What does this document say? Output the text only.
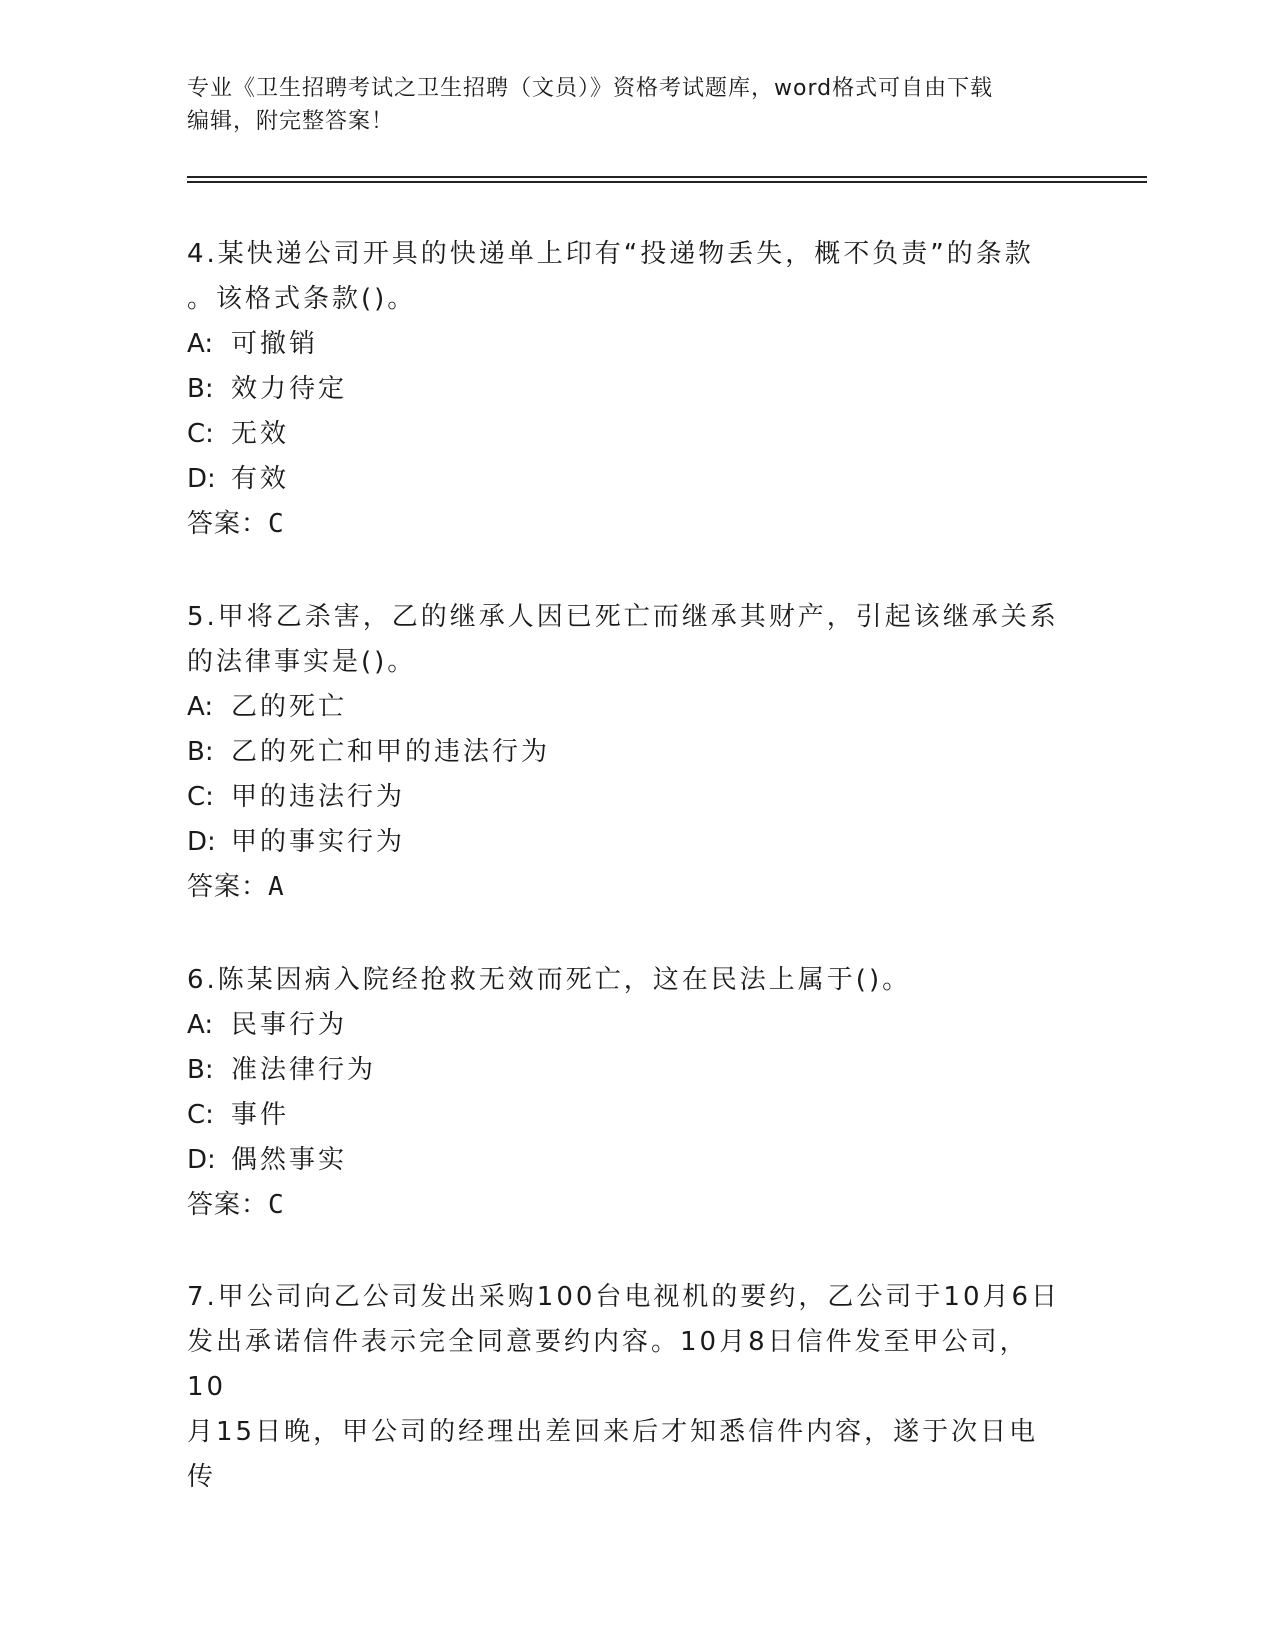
专业《卫生招聘考试之卫生招聘（文员）》资格考试题库，word格式可自由下载
编辑，附完整答案！

4.某快递公司开具的快递单上印有“投递物丢失，概不负责”的条款

。该格式条款()。

A: 可撤销

B: 效力待定

C: 无效

D: 有效

答案：C

5.甲将乙杀害，乙的继承人因已死亡而继承其财产，引起该继承关系

的法律事实是()。

A: 乙的死亡

B: 乙的死亡和甲的违法行为

C: 甲的违法行为

D: 甲的事实行为

答案：A

6.陈某因病入院经抢救无效而死亡，这在民法上属于()。

A: 民事行为

B: 准法律行为

C: 事件

D: 偶然事实

答案：C

7.甲公司向乙公司发出采购100台电视机的要约，乙公司于10月6日

发出承诺信件表示完全同意要约内容。10月8日信件发至甲公司，10

月15日晚，甲公司的经理出差回来后才知悉信件内容，遂于次日电传
